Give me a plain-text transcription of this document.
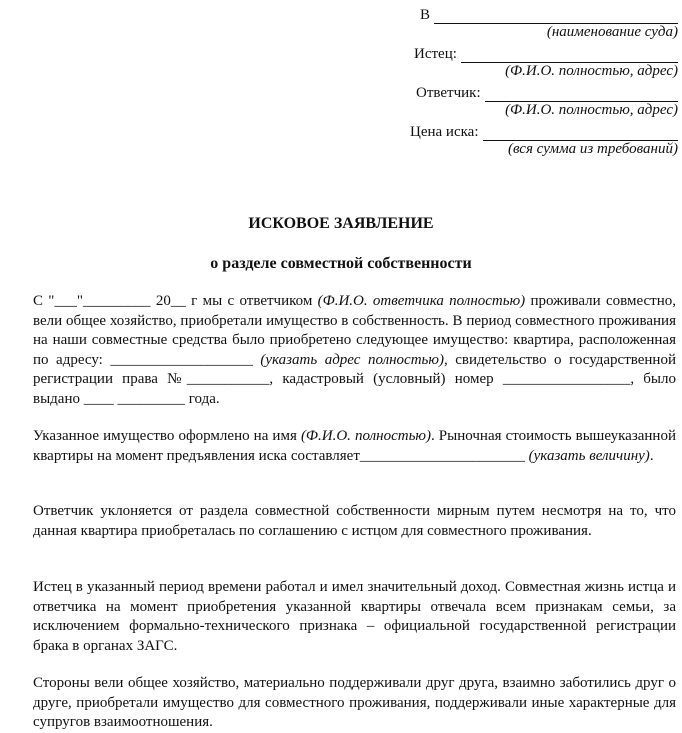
В
(наименование суда)
Истец:
(Ф.И.О. полностью, адрес)
Ответчик:
(Ф.И.О. полностью, адрес)
Цена иска:
(вся сумма из требований)
ИСКОВОЕ ЗАЯВЛЕНИЕ
о разделе совместной собственности

С "___"_________ 20__ г мы с ответчиком (Ф.И.О. ответчика полностью) проживали совместно, вели общее хозяйство, приобретали имущество в собственность. В период совместного проживания на наши совместные средства было приобретено следующее имущество: квартира, расположенная по адресу: ___________________ (указать адрес полностью), свидетельство о государственной регистрации права №___________, кадастровый (условный) номер _________________, было выдано ____ _________ года.

Указанное имущество оформлено на имя (Ф.И.О. полностью). Рыночная стоимость вышеуказанной квартиры на момент предъявления иска составляет______________________ (указать величину).

Ответчик уклоняется от раздела совместной собственности мирным путем несмотря на то, что данная квартира приобреталась по соглашению с истцом для совместного проживания.

Истец в указанный период времени работал и имел значительный доход. Совместная жизнь истца и ответчика на момент приобретения указанной квартиры отвечала всем признакам семьи, за исключением формально-технического признака – официальной государственной регистрации брака в органах ЗАГС.

Стороны вели общее хозяйство, материально поддерживали друг друга, взаимно заботились друг о друге, приобретали имущество для совместного проживания, поддерживали иные характерные для супругов взаимоотношения.
